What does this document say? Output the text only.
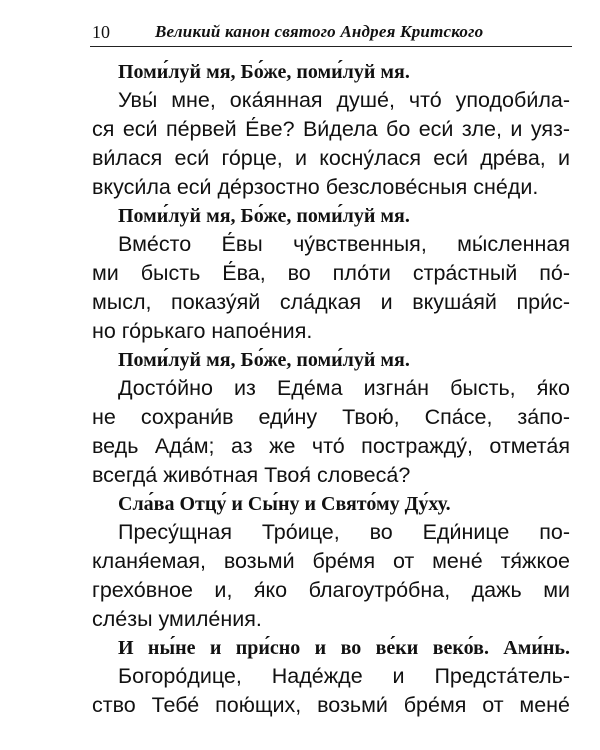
10	Великий канон святого Андрея Критского
Поми́луй мя, Бо́же, поми́луй мя.
Увы́ мне, ока́янная душе́, что́ уподоби́ла-
ся еси́ пе́рвей Е́ве? Ви́дела бо еси́ зле, и уяз-
ви́лася еси́ го́рце, и косну́лася еси́ дре́ва, и
вкуси́ла еси́ де́рзостно безслове́сныя сне́ди.
Поми́луй мя, Бо́же, поми́луй мя.
Вме́сто Е́вы чу́вственныя, мы́сленная
ми бысть Е́ва, во пло́ти стра́стный по́-
мысл, показу́яй сла́дкая и вкуша́яй при́с-
но го́рькаго напое́ния.
Поми́луй мя, Бо́же, поми́луй мя.
Досто́йно из Еде́ма изгна́н бысть, я́ко
не сохрани́в еди́ну Твою́, Спа́се, за́по-
ведь Ада́м; аз же что́ постражду́, отмета́я
всегда́ живо́тная Твоя́ словеса́?
Сла́ва Отцу́ и Сы́ну и Свято́му Ду́ху.
Пресу́щная Тро́ице, во Еди́нице по-
кланя́емая, возьми́ бре́мя от мене́ тя́жкое
грехо́вное и, я́ко благоутро́бна, дажь ми
сле́зы умиле́ния.
И ны́не и при́сно и во ве́ки веко́в. Ами́нь.
Богоро́дице, Наде́жде и Предста́тель-
ство Тебе́ пою́щих, возьми́ бре́мя от мене́
